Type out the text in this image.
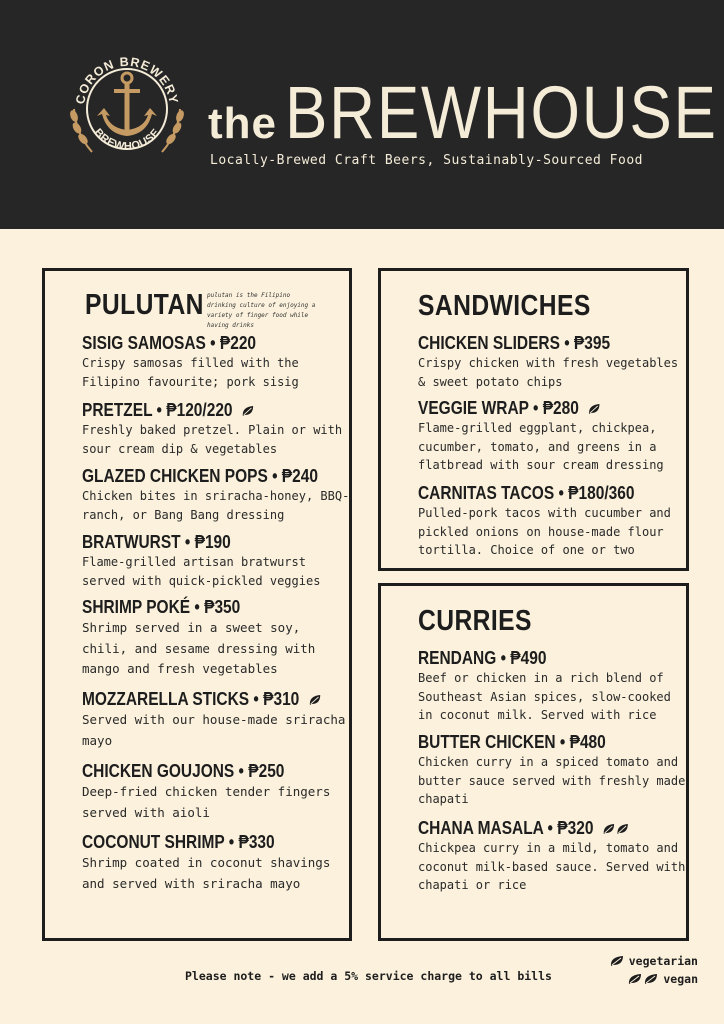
CORON BREWERY
BREWHOUSE the BREWHOUSE
Locally-Brewed Craft Beers, Sustainably-Sourced Food
PULUTAN pulutan is the Filipino drinking culture of enjoying a variety of finger food while having drinks
SISIG SAMOSAS • ₱220
Crispy samosas filled with the Filipino favourite; pork sisig
PRETZEL • ₱120/220
Freshly baked pretzel. Plain or with sour cream dip & vegetables
GLAZED CHICKEN POPS • ₱240
Chicken bites in sriracha-honey, BBQ-ranch, or Bang Bang dressing
BRATWURST • ₱190
Flame-grilled artisan bratwurst served with quick-pickled veggies
SHRIMP POKÉ • ₱350
Shrimp served in a sweet soy, chili, and sesame dressing with mango and fresh vegetables
MOZZARELLA STICKS • ₱310
Served with our house-made sriracha mayo
CHICKEN GOUJONS • ₱250
Deep-fried chicken tender fingers served with aioli
COCONUT SHRIMP • ₱330
Shrimp coated in coconut shavings and served with sriracha mayo
SANDWICHES
CHICKEN SLIDERS • ₱395
Crispy chicken with fresh vegetables & sweet potato chips
VEGGIE WRAP • ₱280
Flame-grilled eggplant, chickpea, cucumber, tomato, and greens in a flatbread with sour cream dressing
CARNITAS TACOS • ₱180/360
Pulled-pork tacos with cucumber and pickled onions on house-made flour tortilla. Choice of one or two
CURRIES
RENDANG • ₱490
Beef or chicken in a rich blend of Southeast Asian spices, slow-cooked in coconut milk. Served with rice
BUTTER CHICKEN • ₱480
Chicken curry in a spiced tomato and butter sauce served with freshly made chapati
CHANA MASALA • ₱320
Chickpea curry in a mild, tomato and coconut milk-based sauce. Served with chapati or rice
Please note - we add a 5% service charge to all bills
vegetarian
vegan
